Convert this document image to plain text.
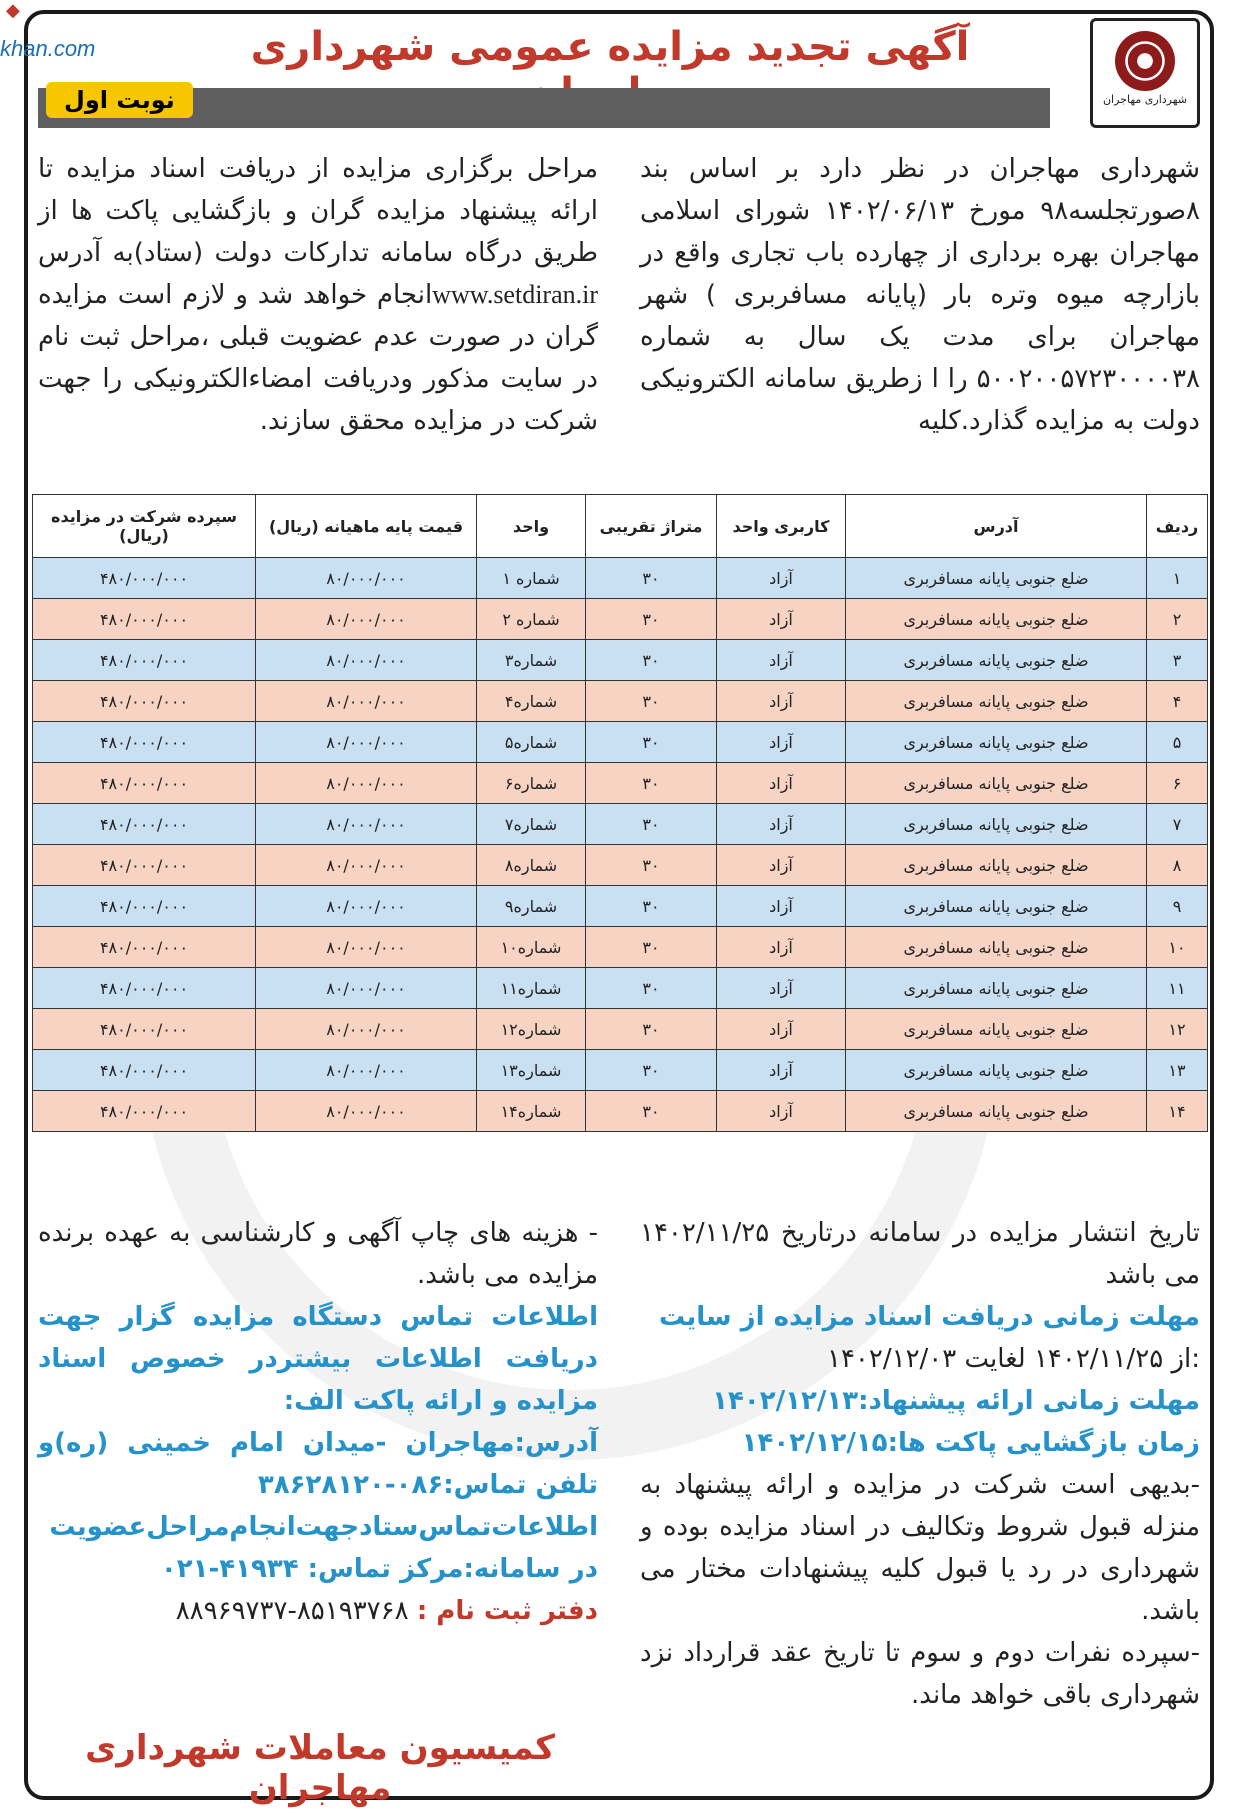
◆
khan.com
شهرداری مهاجران
آگهی تجدید مزایده عمومی شهرداری
نوبت اول

شهرداری مهاجران در نظر دارد بر اساس بند ۸صورتجلسه۹۸ مورخ ۱۴۰۲/۰۶/۱۳ شورای اسلامی مهاجران بهره برداری از چهارده باب تجاری واقع در بازارچه میوه وتره بار (پایانه مسافربری ) شهر مهاجران برای مدت یک سال به شماره ۵۰۰۲۰۰۵۷۲۳۰۰۰۰۳۸ را ا زطریق سامانه الکترونیکی دولت به مزایده گذارد.کلیه

مراحل برگزاری مزایده از دریافت اسناد مزایده تا ارائه پیشنهاد مزایده گران و بازگشایی پاکت ها از طریق درگاه سامانه تدارکات دولت (ستاد)به آدرس www.setdiran.irانجام خواهد شد و لازم است مزایده گران در صورت عدم عضویت قبلی ،مراحل ثبت نام در سایت مذکور ودریافت امضاءالکترونیکی را جهت شرکت در مزایده محقق سازند.

ردیف	آدرس	کاربری واحد	متراژ تقریبی	واحد	قیمت پایه ماهیانه (ریال)	سپرده شرکت در مزایده (ریال)
۱	ضلع جنوبی پایانه مسافربری	آزاد	۳۰	شماره ۱	۸۰/۰۰۰/۰۰۰	۴۸۰/۰۰۰/۰۰۰
۲	ضلع جنوبی پایانه مسافربری	آزاد	۳۰	شماره ۲	۸۰/۰۰۰/۰۰۰	۴۸۰/۰۰۰/۰۰۰
۳	ضلع جنوبی پایانه مسافربری	آزاد	۳۰	شماره۳	۸۰/۰۰۰/۰۰۰	۴۸۰/۰۰۰/۰۰۰
۴	ضلع جنوبی پایانه مسافربری	آزاد	۳۰	شماره۴	۸۰/۰۰۰/۰۰۰	۴۸۰/۰۰۰/۰۰۰
۵	ضلع جنوبی پایانه مسافربری	آزاد	۳۰	شماره۵	۸۰/۰۰۰/۰۰۰	۴۸۰/۰۰۰/۰۰۰
۶	ضلع جنوبی پایانه مسافربری	آزاد	۳۰	شماره۶	۸۰/۰۰۰/۰۰۰	۴۸۰/۰۰۰/۰۰۰
۷	ضلع جنوبی پایانه مسافربری	آزاد	۳۰	شماره۷	۸۰/۰۰۰/۰۰۰	۴۸۰/۰۰۰/۰۰۰
۸	ضلع جنوبی پایانه مسافربری	آزاد	۳۰	شماره۸	۸۰/۰۰۰/۰۰۰	۴۸۰/۰۰۰/۰۰۰
۹	ضلع جنوبی پایانه مسافربری	آزاد	۳۰	شماره۹	۸۰/۰۰۰/۰۰۰	۴۸۰/۰۰۰/۰۰۰
۱۰	ضلع جنوبی پایانه مسافربری	آزاد	۳۰	شماره۱۰	۸۰/۰۰۰/۰۰۰	۴۸۰/۰۰۰/۰۰۰
۱۱	ضلع جنوبی پایانه مسافربری	آزاد	۳۰	شماره۱۱	۸۰/۰۰۰/۰۰۰	۴۸۰/۰۰۰/۰۰۰
۱۲	ضلع جنوبی پایانه مسافربری	آزاد	۳۰	شماره۱۲	۸۰/۰۰۰/۰۰۰	۴۸۰/۰۰۰/۰۰۰
۱۳	ضلع جنوبی پایانه مسافربری	آزاد	۳۰	شماره۱۳	۸۰/۰۰۰/۰۰۰	۴۸۰/۰۰۰/۰۰۰
۱۴	ضلع جنوبی پایانه مسافربری	آزاد	۳۰	شماره۱۴	۸۰/۰۰۰/۰۰۰	۴۸۰/۰۰۰/۰۰۰

تاریخ انتشار مزایده در سامانه درتاریخ ۱۴۰۲/۱۱/۲۵ می باشد

مهلت زمانی دریافت اسناد مزایده از سایت

:از ۱۴۰۲/۱۱/۲۵ لغایت ۱۴۰۲/۱۲/۰۳

مهلت زمانی ارائه پیشنهاد:۱۴۰۲/۱۲/۱۳

زمان بازگشایی پاکت ها:۱۴۰۲/۱۲/۱۵

-بدیهی است شرکت در مزایده و ارائه پیشنهاد به منزله قبول شروط وتکالیف در اسناد مزایده بوده و شهرداری در رد یا قبول کلیه پیشنهادات مختار می باشد.

-سپرده نفرات دوم و سوم تا تاریخ عقد قرارداد نزد شهرداری باقی خواهد ماند.

- هزینه های چاپ آگهی و کارشناسی به عهده برنده مزایده می باشد.

اطلاعات تماس دستگاه مزایده گزار جهت دریافت اطلاعات بیشتردر خصوص اسناد مزایده و ارائه پاکت الف:

آدرس:مهاجران -میدان امام خمینی (ره)و تلفن تماس:۰۸۶-۳۸۶۲۸۱۲۰

اطلاعات‌تماس‌ستادجهت‌انجام‌مراحل‌عضویت در سامانه:مرکز تماس: ۴۱۹۳۴-۰۲۱

دفتر ثبت نام : ۸۵۱۹۳۷۶۸-۸۸۹۶۹۷۳۷

کمیسیون معاملات شهرداری مهاجران
